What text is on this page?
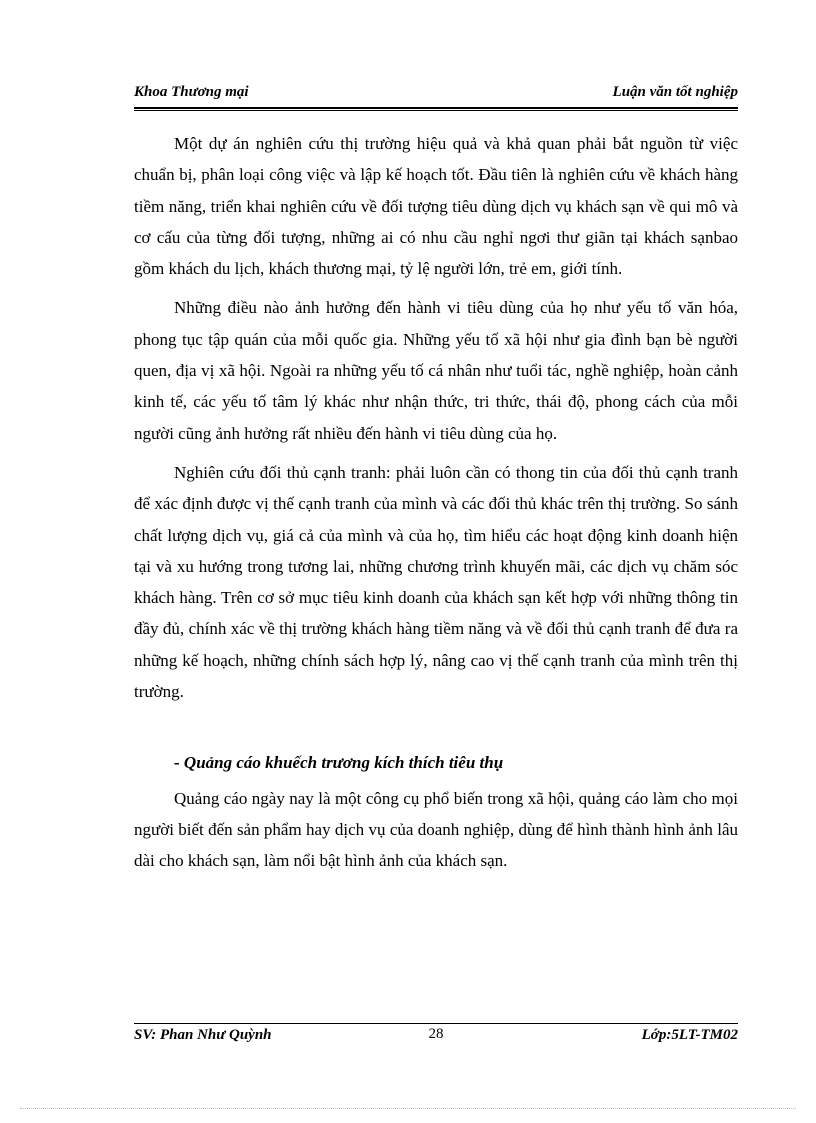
Khoa Thương mại	Luận văn tốt nghiệp

Một dự án nghiên cứu thị trường hiệu quả và khả quan phải bắt nguồn từ việc chuẩn bị, phân loại công việc và lập kế hoạch tốt. Đầu tiên là nghiên cứu về khách hàng tiềm năng, triển khai nghiên cứu về đối tượng tiêu dùng dịch vụ khách sạn về qui mô và cơ cấu của từng đối tượng, những ai có nhu cầu nghỉ ngơi thư giãn tại khách sạnbao gồm khách du lịch, khách thương mại, tỷ lệ người lớn, trẻ em, giới tính.

Những điều nào ảnh hưởng đến hành vi tiêu dùng của họ như yếu tố văn hóa, phong tục tập quán của mỗi quốc gia. Những yếu tố xã hội như gia đình bạn bè người quen, địa vị xã hội. Ngoài ra những yếu tố cá nhân như tuổi tác, nghề nghiệp, hoàn cảnh kinh tế, các yếu tố tâm lý khác như nhận thức, tri thức, thái độ, phong cách của mỗi người cũng ảnh hưởng rất nhiều đến hành vi tiêu dùng của họ.

Nghiên cứu đối thủ cạnh tranh: phải luôn cần có thong tin của đối thủ cạnh tranh để xác định được vị thế cạnh tranh của mình và các đối thủ khác trên thị trường. So sánh chất lượng dịch vụ, giá cả của mình và của họ, tìm hiểu các hoạt động kinh doanh hiện tại và xu hướng trong tương lai, những chương trình khuyến mãi, các dịch vụ chăm sóc khách hàng. Trên cơ sở mục tiêu kinh doanh của khách sạn kết hợp với những thông tin đầy đủ, chính xác về thị trường khách hàng tiềm năng và về đối thủ cạnh tranh để đưa ra những kế hoạch, những chính sách hợp lý, nâng cao vị thế cạnh tranh của mình trên thị trường.

- Quảng cáo khuếch trương kích thích tiêu thụ

Quảng cáo ngày nay là một công cụ phổ biến trong xã hội, quảng cáo làm cho mọi người biết đến sản phẩm hay dịch vụ của doanh nghiệp, dùng để hình thành hình ảnh lâu dài cho khách sạn, làm nổi bật hình ảnh của khách sạn.

SV: Phan Như Quỳnh	28	Lớp:5LT-TM02
